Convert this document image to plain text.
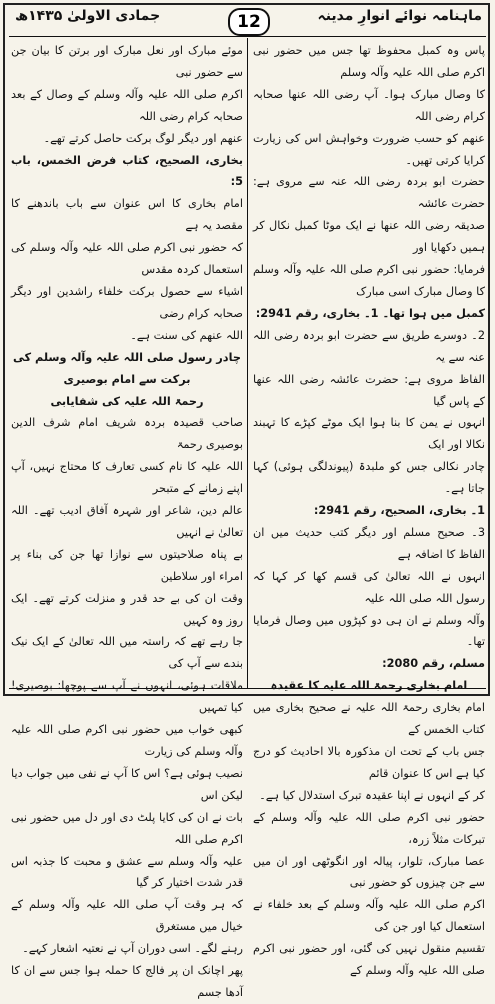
ماہنامہ نوائے انوارِ مدینہ
12
جمادی الاولیٰ ۱۴۳۵ھ

پاس وہ کمبل محفوظ تھا جس میں حضور نبی اکرم صلی اللہ علیہ وآلہ وسلم

کا وصال مبارک ہوا۔ آپ رضی اللہ عنھا صحابہ کرام رضی اللہ

عنھم کو حسب ضرورت وخواہش اس کی زیارت کرایا کرتی تھیں۔

حضرت ابو بردہ رضی اللہ عنہ سے مروی ہے: حضرت عائشہ

صدیقہ رضی اللہ عنھا نے ایک موٹا کمبل نکال کر ہمیں دکھایا اور

فرمایا: حضور نبی اکرم صلی اللہ علیہ وآلہ وسلم کا وصال مبارک اسی مبارک

کمبل میں ہوا تھا۔ 1۔ بخاری، رقم 2941:

2۔ دوسرے طریق سے حضرت ابو بردہ رضی اللہ عنہ سے یہ

الفاظ مروی ہے: حضرت عائشہ رضی اللہ عنھا کے پاس گیا

انہوں نے یمن کا بنا ہوا ایک موٹے کپڑے کا تہبند نکالا اور ایک

چادر نکالی جس کو ملبدۃ (پیوندلگی ہوئی) کہا جاتا ہے۔

1۔ بخاری، الصحیح، رقم 2941:

3۔ صحیح مسلم اور دیگر کتب حدیث میں ان الفاظ کا اضافہ ہے

انہوں نے اللہ تعالیٰ کی قسم کھا کر کہا کہ رسول اللہ صلی اللہ علیہ

وآلہ وسلم نے ان ہی دو کپڑوں میں وصال فرمایا تھا۔

مسلم، رقم 2080:

امام بخاری رحمۃ اللہ علیہ کا عقیدہ

امام بخاری رحمۃ اللہ علیہ نے صحیح بخاری میں کتاب الخمس کے

جس باب کے تحت ان مذکورہ بالا احادیث کو درج کیا ہے اس کا عنوان قائم

کر کے انہوں نے اپنا عقیدہ تبرک استدلال کیا ہے۔

حضور نبی اکرم صلی اللہ علیہ وآلہ وسلم کے تبرکات مثلاً زرہ،

عصا مبارک، تلوار، پیالہ اور انگوٹھی اور ان میں سے جن چیزوں کو حضور نبی

اکرم صلی اللہ علیہ وآلہ وسلم کے بعد خلفاء نے استعمال کیا اور جن کی

تقسیم منقول نہیں کی گئی، اور حضور نبی اکرم صلی اللہ علیہ وآلہ وسلم کے

موئے مبارک اور نعل مبارک اور برتن کا بیان جن سے حضور نبی

اکرم صلی اللہ علیہ وآلہ وسلم کے وصال کے بعد صحابہ کرام رضی اللہ

عنھم اور دیگر لوگ برکت حاصل کرتے تھے۔

بخاری، الصحیح، کتاب فرض الخمس، باب 5:

امام بخاری کا اس عنوان سے باب باندھنے کا مقصد یہ ہے

کہ حضور نبی اکرم صلی اللہ علیہ وآلہ وسلم کی استعمال کردہ مقدس

اشیاء سے حصول برکت خلفاء راشدین اور دیگر صحابہ کرام رضی

اللہ عنھم کی سنت ہے۔

چادر رسول صلی اللہ علیہ وآلہ وسلم کی برکت سے امام بوصیری

رحمۃ اللہ علیہ کی شفایابی

صاحب قصیدہ بردہ شریف امام شرف الدین بوصیری رحمۃ

اللہ علیہ کا نام کسی تعارف کا محتاج نہیں، آپ اپنے زمانے کے متبحر

عالم دین، شاعر اور شہرہ آفاق ادیب تھے۔ اللہ تعالیٰ نے انہیں

بے پناہ صلاحیتوں سے نوازا تھا جن کی بناء پر امراء اور سلاطین

وقت ان کی بے حد قدر و منزلت کرتے تھے۔ ایک روز وہ کہیں

جا رہے تھے کہ راستہ میں اللہ تعالیٰ کے ایک نیک بندے سے آپ کی

ملاقات ہوئی، انہوں نے آپ سے پوچھا: بوصیری! کیا تمہیں

کبھی خواب میں حضور نبی اکرم صلی اللہ علیہ وآلہ وسلم کی زیارت

نصیب ہوئی ہے؟ اس کا آپ نے نفی میں جواب دیا لیکن اس

بات نے ان کی کایا پلٹ دی اور دل میں حضور نبی اکرم صلی اللہ

علیہ وآلہ وسلم سے عشق و محبت کا جذبہ اس قدر شدت اختیار کر گیا

کہ ہر وقت آپ صلی اللہ علیہ وآلہ وسلم کے خیال میں مستغرق

رہنے لگے۔ اسی دوران آپ نے نعتیہ اشعار کہے۔

پھر اچانک ان پر فالج کا حملہ ہوا جس سے ان کا آدھا جسم
